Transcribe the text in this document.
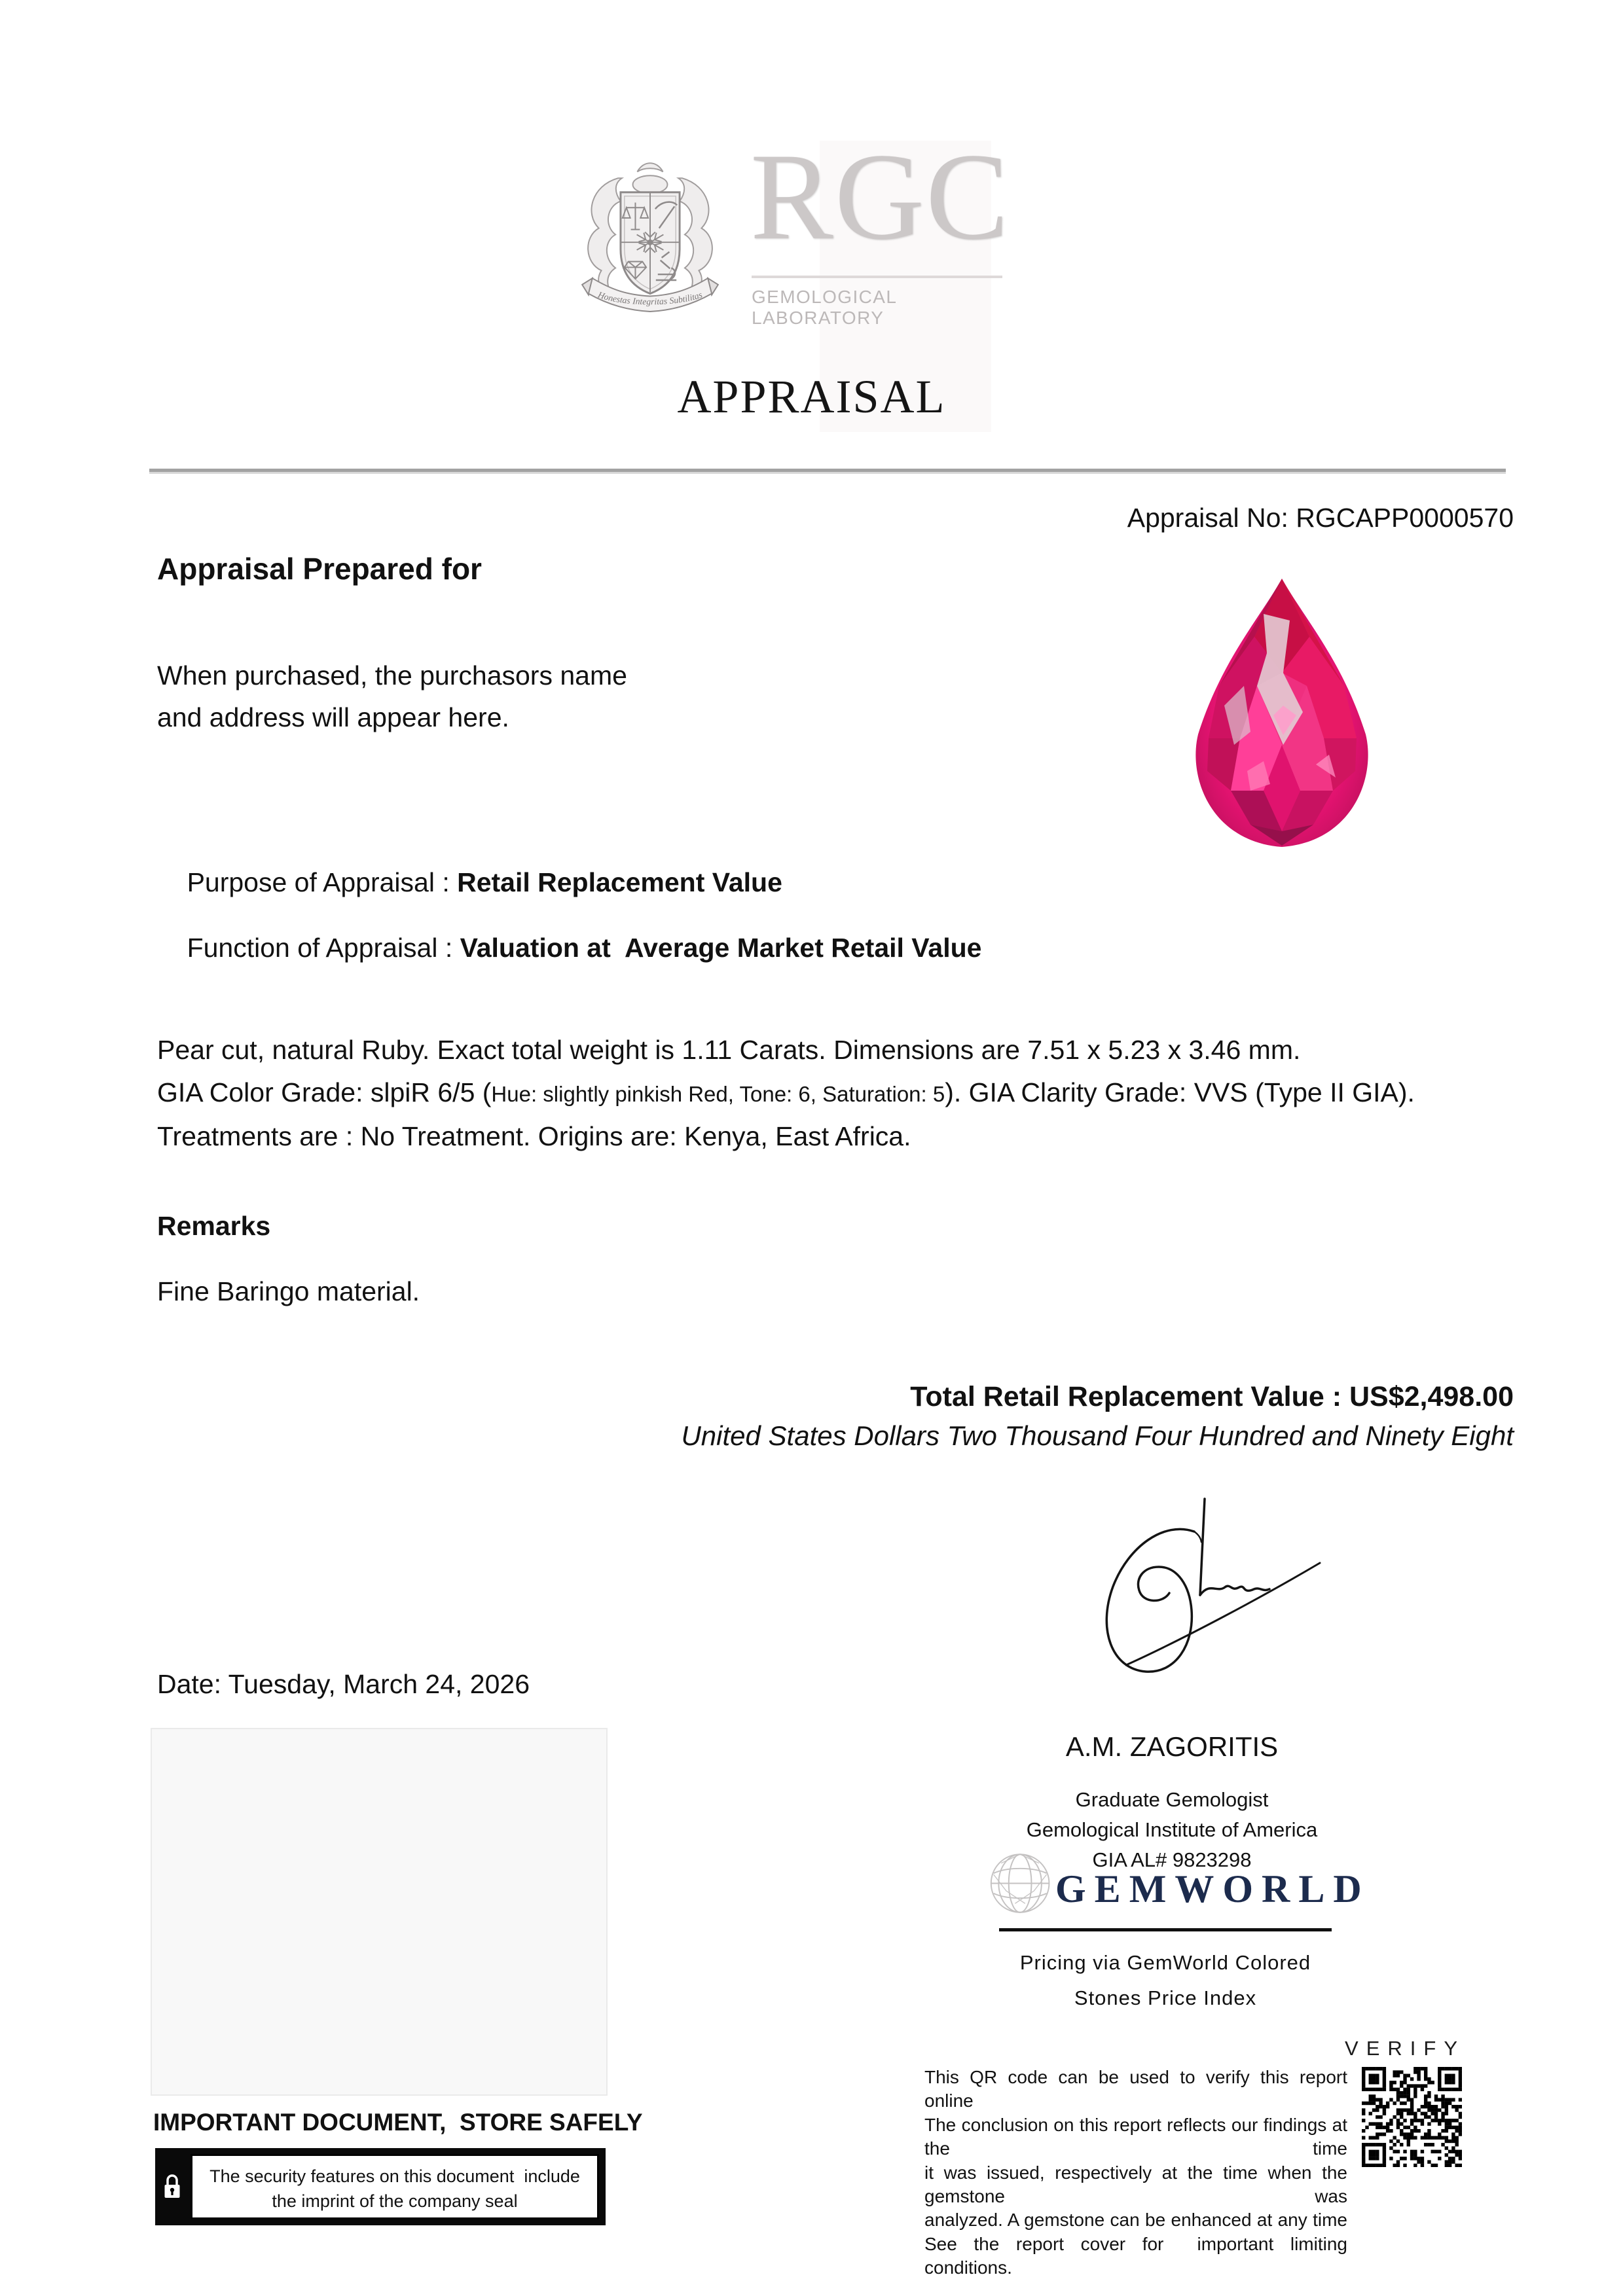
Honestas Integritas Subtilitas
RGC
GEMOLOGICAL LABORATORY
APPRAISAL
Appraisal No: RGCAPP0000570
Appraisal Prepared for
When purchased, the purchasors name
and address will appear here.

Purpose of Appraisal : Retail Replacement Value

Function of Appraisal : Valuation at  Average Market Retail Value

Pear cut, natural Ruby. Exact total weight is 1.11 Carats. Dimensions are 7.51 x 5.23 x 3.46 mm.
GIA Color Grade: slpiR 6/5 (Hue: slightly pinkish Red, Tone: 6, Saturation: 5). GIA Clarity Grade: VVS (Type II GIA).
Treatments are : No Treatment. Origins are: Kenya, East Africa.
Remarks
Fine Baringo material.
Total Retail Replacement Value : US$2,498.00
United States Dollars Two Thousand Four Hundred and Ninety Eight
Date: Tuesday, March 24, 2026
A.M. ZAGORITIS
Graduate Gemologist
Gemological Institute of America
GIA AL# 9823298
GEMWORLD
Pricing via GemWorld Colored
Stones Price Index
IMPORTANT DOCUMENT,  STORE SAFELY
The security features on this document  include
the imprint of the company seal
VERIFY
This QR code can be used to verify this report online
The conclusion on this report reflects our findings at the time
it was issued, respectively at the time when the gemstone was
analyzed. A gemstone can be enhanced at any time
See the report cover for  important limiting conditions.
